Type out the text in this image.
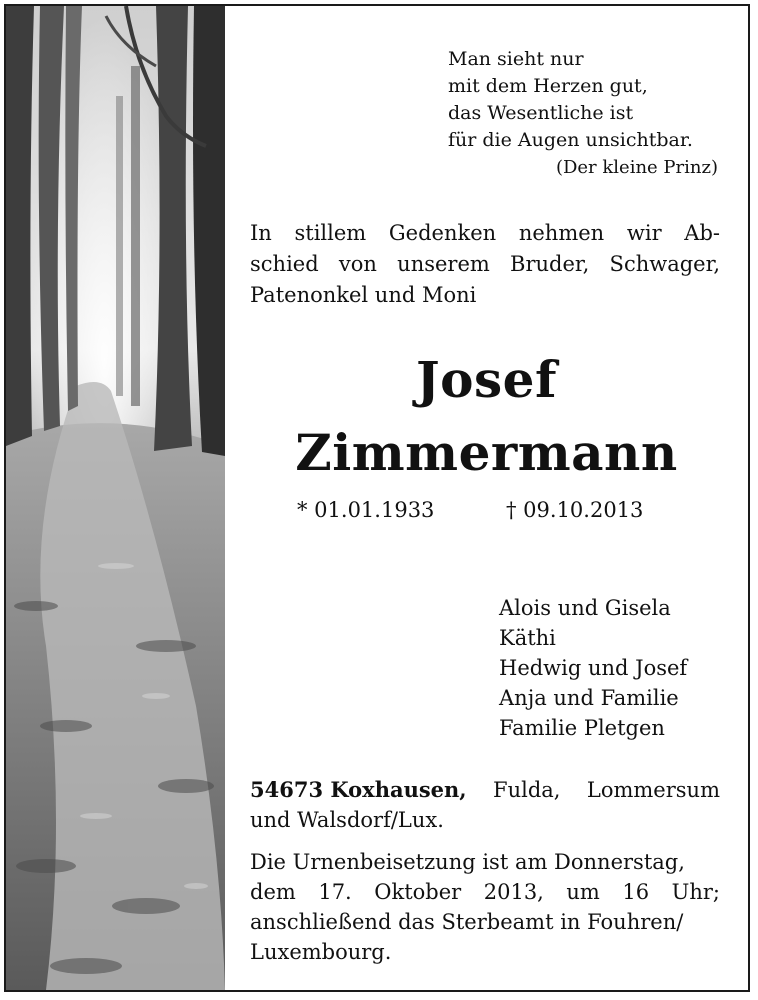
Man sieht nur
mit dem Herzen gut,
das Wesentliche ist
für die Augen unsichtbar.
(Der kleine Prinz)
In stillem Gedenken nehmen wir Ab-
schied von unserem Bruder, Schwager,
Patenonkel und Moni
Josef
Zimmermann
* 01.01.1933	† 09.10.2013
Alois und Gisela
Käthi
Hedwig und Josef
Anja und Familie
Familie Pletgen
54673 Koxhausen, Fulda, Lommersum
und Walsdorf/Lux.
Die Urnenbeisetzung ist am Donnerstag,
dem 17. Oktober 2013, um 16 Uhr;
anschließend das Sterbeamt in Fouhren/
Luxembourg.
